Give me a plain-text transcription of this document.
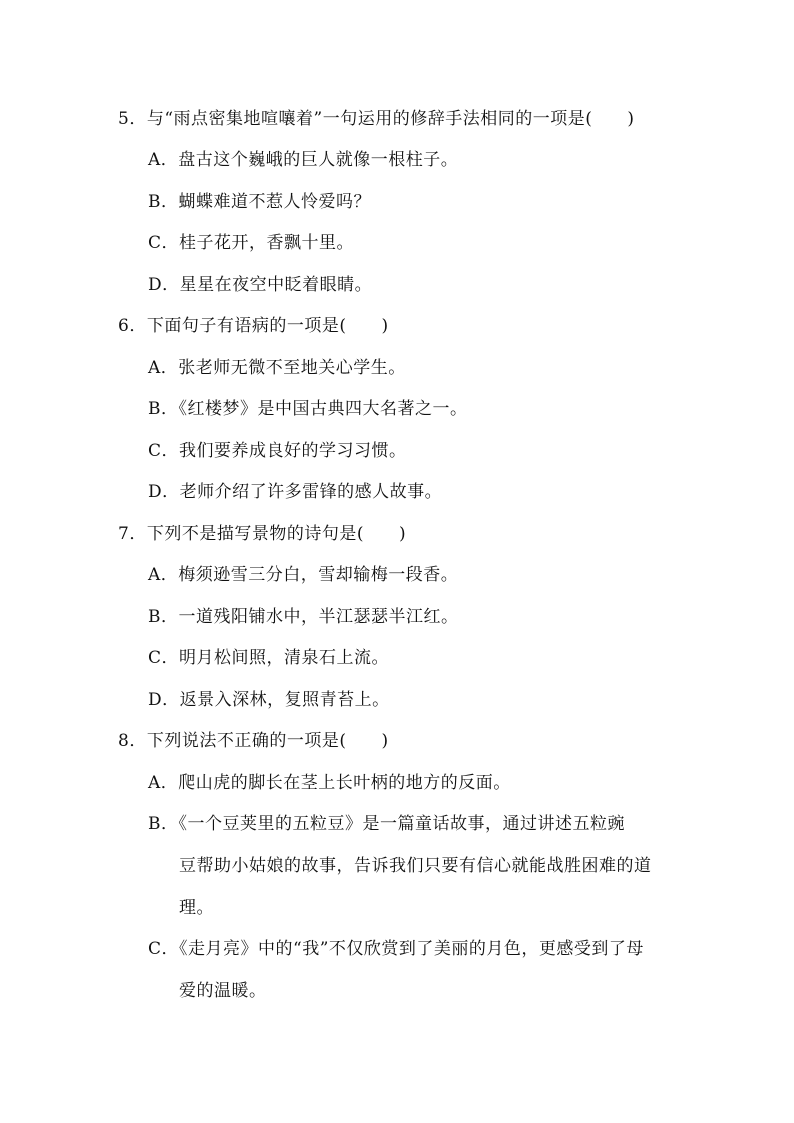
5．与“雨点密集地喧嚷着”一句运用的修辞手法相同的一项是(　　)
A．盘古这个巍峨的巨人就像一根柱子。
B．蝴蝶难道不惹人怜爱吗？
C．桂子花开，香飘十里。
D．星星在夜空中眨着眼睛。
6．下面句子有语病的一项是(　　)
A．张老师无微不至地关心学生。
B．《红楼梦》是中国古典四大名著之一。
C．我们要养成良好的学习习惯。
D．老师介绍了许多雷锋的感人故事。
7．下列不是描写景物的诗句是(　　)
A．梅须逊雪三分白，雪却输梅一段香。
B．一道残阳铺水中，半江瑟瑟半江红。
C．明月松间照，清泉石上流。
D．返景入深林，复照青苔上。
8．下列说法不正确的一项是(　　)
A．爬山虎的脚长在茎上长叶柄的地方的反面。
B．《一个豆荚里的五粒豆》是一篇童话故事，通过讲述五粒豌
豆帮助小姑娘的故事，告诉我们只要有信心就能战胜困难的道
理。
C．《走月亮》中的“我”不仅欣赏到了美丽的月色，更感受到了母
爱的温暖。
